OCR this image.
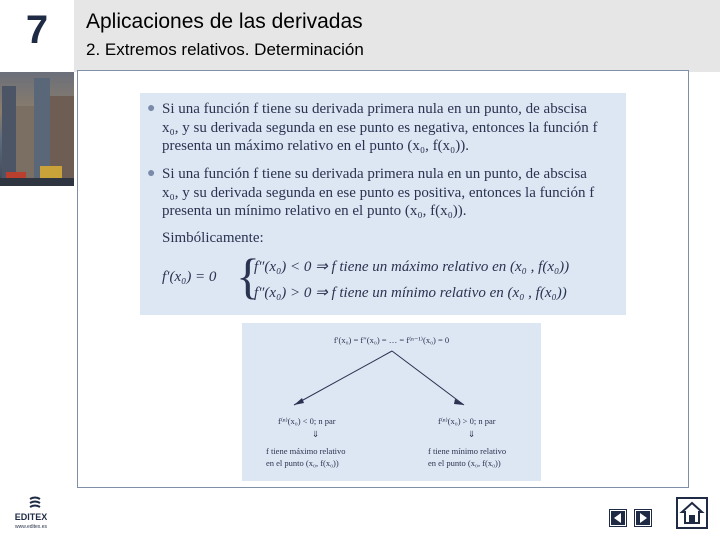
7	Aplicaciones de las derivadas
2. Extremos relativos. Determinación
● Si una función f tiene su derivada primera nula en un punto, de abscisa
x₀, y su derivada segunda en ese punto es negativa, entonces la función f
presenta un máximo relativo en el punto (x₀, f(x₀)).
● Si una función f tiene su derivada primera nula en un punto, de abscisa
x₀, y su derivada segunda en ese punto es positiva, entonces la función f
presenta un mínimo relativo en el punto (x₀, f(x₀)).
Simbólicamente:
f′(x₀) = 0 {
f″(x₀) < 0 ⇒ f tiene un máximo relativo en (x₀ , f(x₀))
f″(x₀) > 0 ⇒ f tiene un mínimo relativo en (x₀ , f(x₀))
f′(x₀) = f″(x₀) = … = f⁽ⁿ⁻¹⁾(x₀) = 0
f⁽ⁿ⁾(x₀) < 0; n par	f⁽ⁿ⁾(x₀) > 0; n par
⇓	⇓
f tiene máximo relativo
en el punto (x₀, f(x₀))
f tiene mínimo relativo
en el punto (x₀, f(x₀))
EDITEX
www.editex.es
